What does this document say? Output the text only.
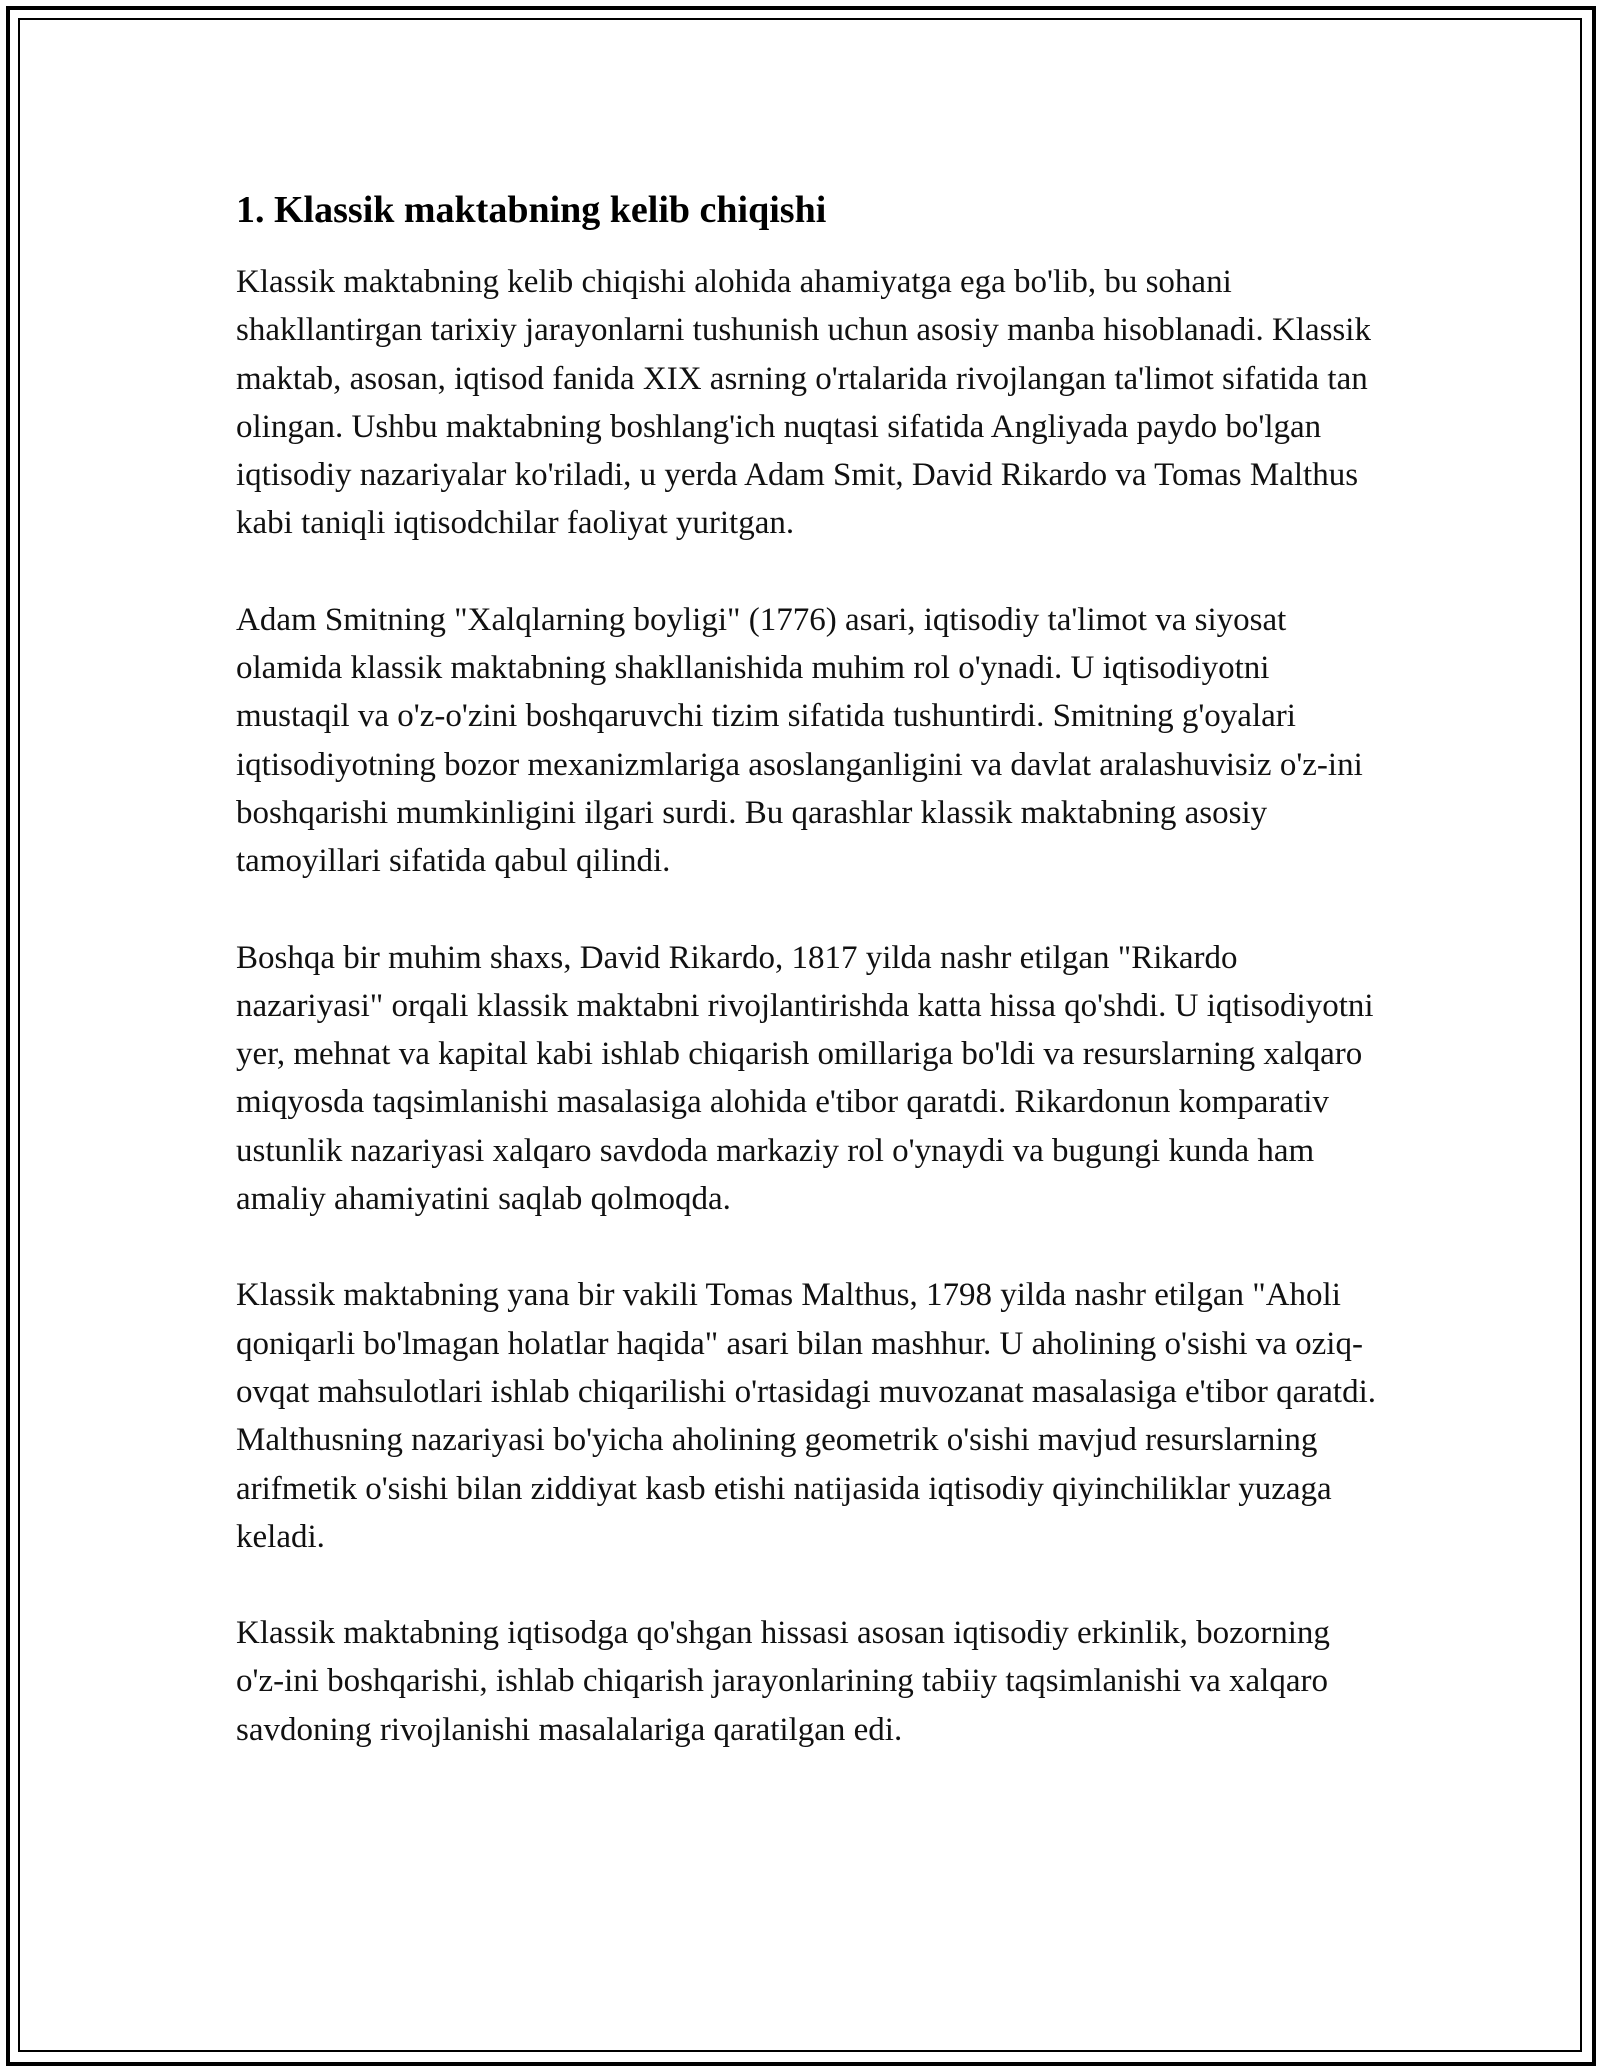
1. Klassik maktabning kelib chiqishi

Klassik maktabning kelib chiqishi alohida ahamiyatga ega bo'lib, bu sohani shakllantirgan tarixiy jarayonlarni tushunish uchun asosiy manba hisoblanadi. Klassik maktab, asosan, iqtisod fanida XIX asrning o'rtalarida rivojlangan ta'limot sifatida tan olingan. Ushbu maktabning boshlang'ich nuqtasi sifatida Angliyada paydo bo'lgan iqtisodiy nazariyalar ko'riladi, u yerda Adam Smit, David Rikardo va Tomas Malthus kabi taniqli iqtisodchilar faoliyat yuritgan.

Adam Smitning "Xalqlarning boyligi" (1776) asari, iqtisodiy ta'limot va siyosat olamida klassik maktabning shakllanishida muhim rol o'ynadi. U iqtisodiyotni mustaqil va o'z-o'zini boshqaruvchi tizim sifatida tushuntirdi. Smitning g'oyalari iqtisodiyotning bozor mexanizmlariga asoslanganligini va davlat aralashuvisiz o'z-ini boshqarishi mumkinligini ilgari surdi. Bu qarashlar klassik maktabning asosiy tamoyillari sifatida qabul qilindi.

Boshqa bir muhim shaxs, David Rikardo, 1817 yilda nashr etilgan "Rikardo nazariyasi" orqali klassik maktabni rivojlantirishda katta hissa qo'shdi. U iqtisodiyotni yer, mehnat va kapital kabi ishlab chiqarish omillariga bo'ldi va resurslarning xalqaro miqyosda taqsimlanishi masalasiga alohida e'tibor qaratdi. Rikardonun komparativ ustunlik nazariyasi xalqaro savdoda markaziy rol o'ynaydi va bugungi kunda ham amaliy ahamiyatini saqlab qolmoqda.

Klassik maktabning yana bir vakili Tomas Malthus, 1798 yilda nashr etilgan "Aholi qoniqarli bo'lmagan holatlar haqida" asari bilan mashhur. U aholining o'sishi va oziq-ovqat mahsulotlari ishlab chiqarilishi o'rtasidagi muvozanat masalasiga e'tibor qaratdi. Malthusning nazariyasi bo'yicha aholining geometrik o'sishi mavjud resurslarning arifmetik o'sishi bilan ziddiyat kasb etishi natijasida iqtisodiy qiyinchiliklar yuzaga keladi.

Klassik maktabning iqtisodga qo'shgan hissasi asosan iqtisodiy erkinlik, bozorning o'z-ini boshqarishi, ishlab chiqarish jarayonlarining tabiiy taqsimlanishi va xalqaro savdoning rivojlanishi masalalariga qaratilgan edi.
